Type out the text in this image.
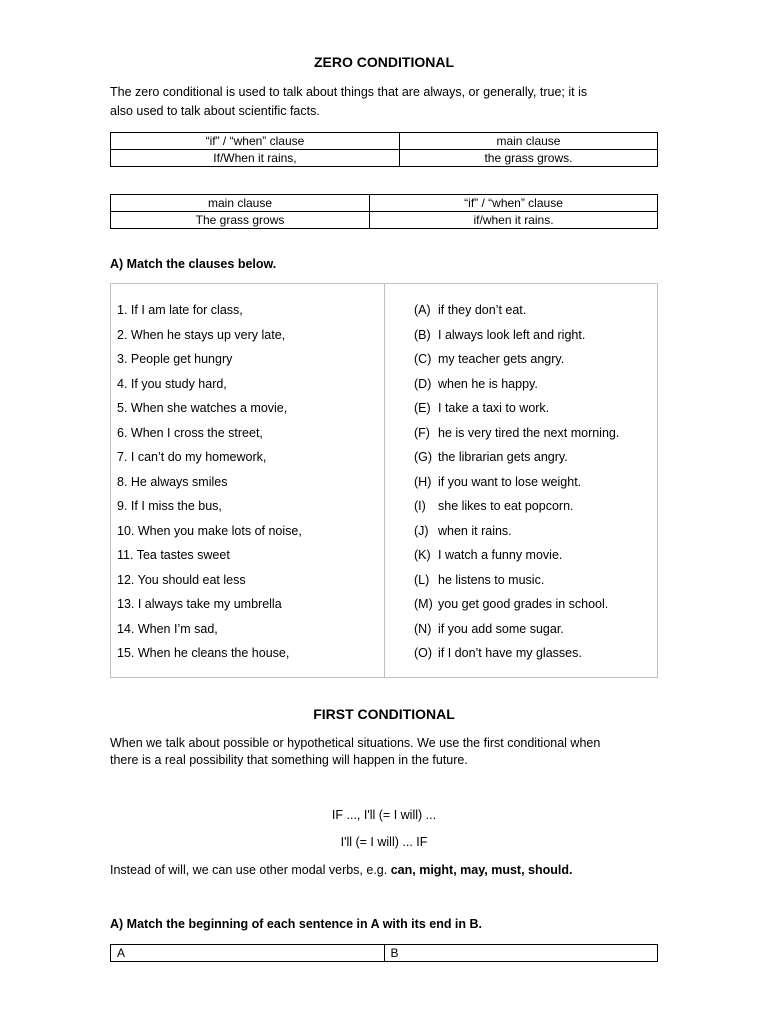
ZERO CONDITIONAL
The zero conditional is used to talk about things that are always, or generally, true; it is
also used to talk about scientific facts.
“if” / “when” clause	main clause
If/When it rains,	the grass grows.
main clause	“if” / “when” clause
The grass grows	if/when it rains.
A) Match the clauses below.
1. If I am late for class,
2. When he stays up very late,
3. People get hungry
4. If you study hard,
5. When she watches a movie,
6. When I cross the street,
7. I can’t do my homework,
8. He always smiles
9. If I miss the bus,
10. When you make lots of noise,
11. Tea tastes sweet
12. You should eat less
13. I always take my umbrella
14. When I’m sad,
15. When he cleans the house,
(A) if they don’t eat.
(B) I always look left and right.
(C) my teacher gets angry.
(D) when he is happy.
(E) I take a taxi to work.
(F) he is very tired the next morning.
(G) the librarian gets angry.
(H) if you want to lose weight.
(I) she likes to eat popcorn.
(J) when it rains.
(K) I watch a funny movie.
(L) he listens to music.
(M) you get good grades in school.
(N) if you add some sugar.
(O) if I don’t have my glasses.
FIRST CONDITIONAL
When we talk about possible or hypothetical situations. We use the first conditional when
there is a real possibility that something will happen in the future.
IF ..., I'll (= I will) ...
I'll (= I will) ... IF
Instead of will, we can use other modal verbs, e.g. can, might, may, must, should.
A) Match the beginning of each sentence in A with its end in B.
A	B
